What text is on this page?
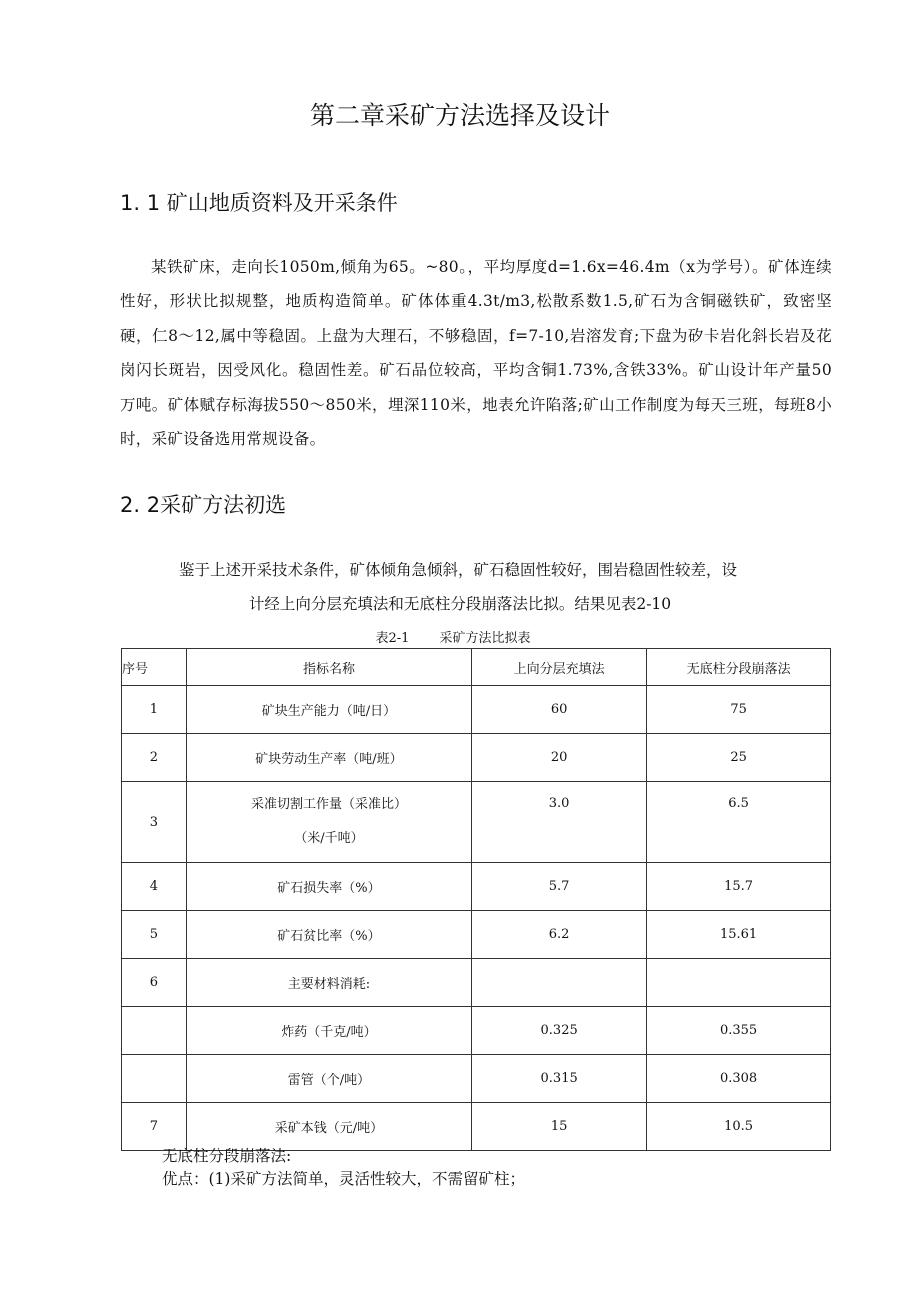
第二章采矿方法选择及设计
1. 1 矿山地质资料及开采条件
某铁矿床，走向长1050m,倾角为65。~80。，平均厚度d=1.6x=46.4m（x为学号）。矿体连续性好，形状比拟规整，地质构造简单。矿体体重4.3t/m3,松散系数1.5,矿石为含铜磁铁矿，致密坚硬，仁8～12,属中等稳固。上盘为大理石，不够稳固，f=7-10,岩溶发育;下盘为矽卡岩化斜长岩及花岗闪长斑岩，因受风化。稳固性差。矿石品位较高，平均含铜1.73%,含铁33%。矿山设计年产量50万吨。矿体赋存标海拔550～850米，埋深110米，地表允许陷落;矿山工作制度为每天三班，每班8小时，采矿设备选用常规设备。
2. 2采矿方法初选
鉴于上述开采技术条件，矿体倾角急倾斜，矿石稳固性较好，围岩稳固性较差，设
计经上向分层充填法和无底柱分段崩落法比拟。结果见表2-10
表2-1 采矿方法比拟表
序号	指标名称	上向分层充填法	无底柱分段崩落法
1	矿块生产能力（吨/日）	60	75
2	矿块劳动生产率（吨/班）	20	25
3	采准切割工作量（采准比）
（米/千吨）	3.0	6.5
4	矿石损失率（%）	5.7	15.7
5	矿石贫比率（%）	6.2	15.61
6	主要材料消耗:		
	炸药（千克/吨）	0.325	0.355
	雷管（个/吨）	0.315	0.308
7	采矿本钱（元/吨）	15	10.5
无底柱分段崩落法:
优点：(1)采矿方法简单，灵活性较大，不需留矿柱；
